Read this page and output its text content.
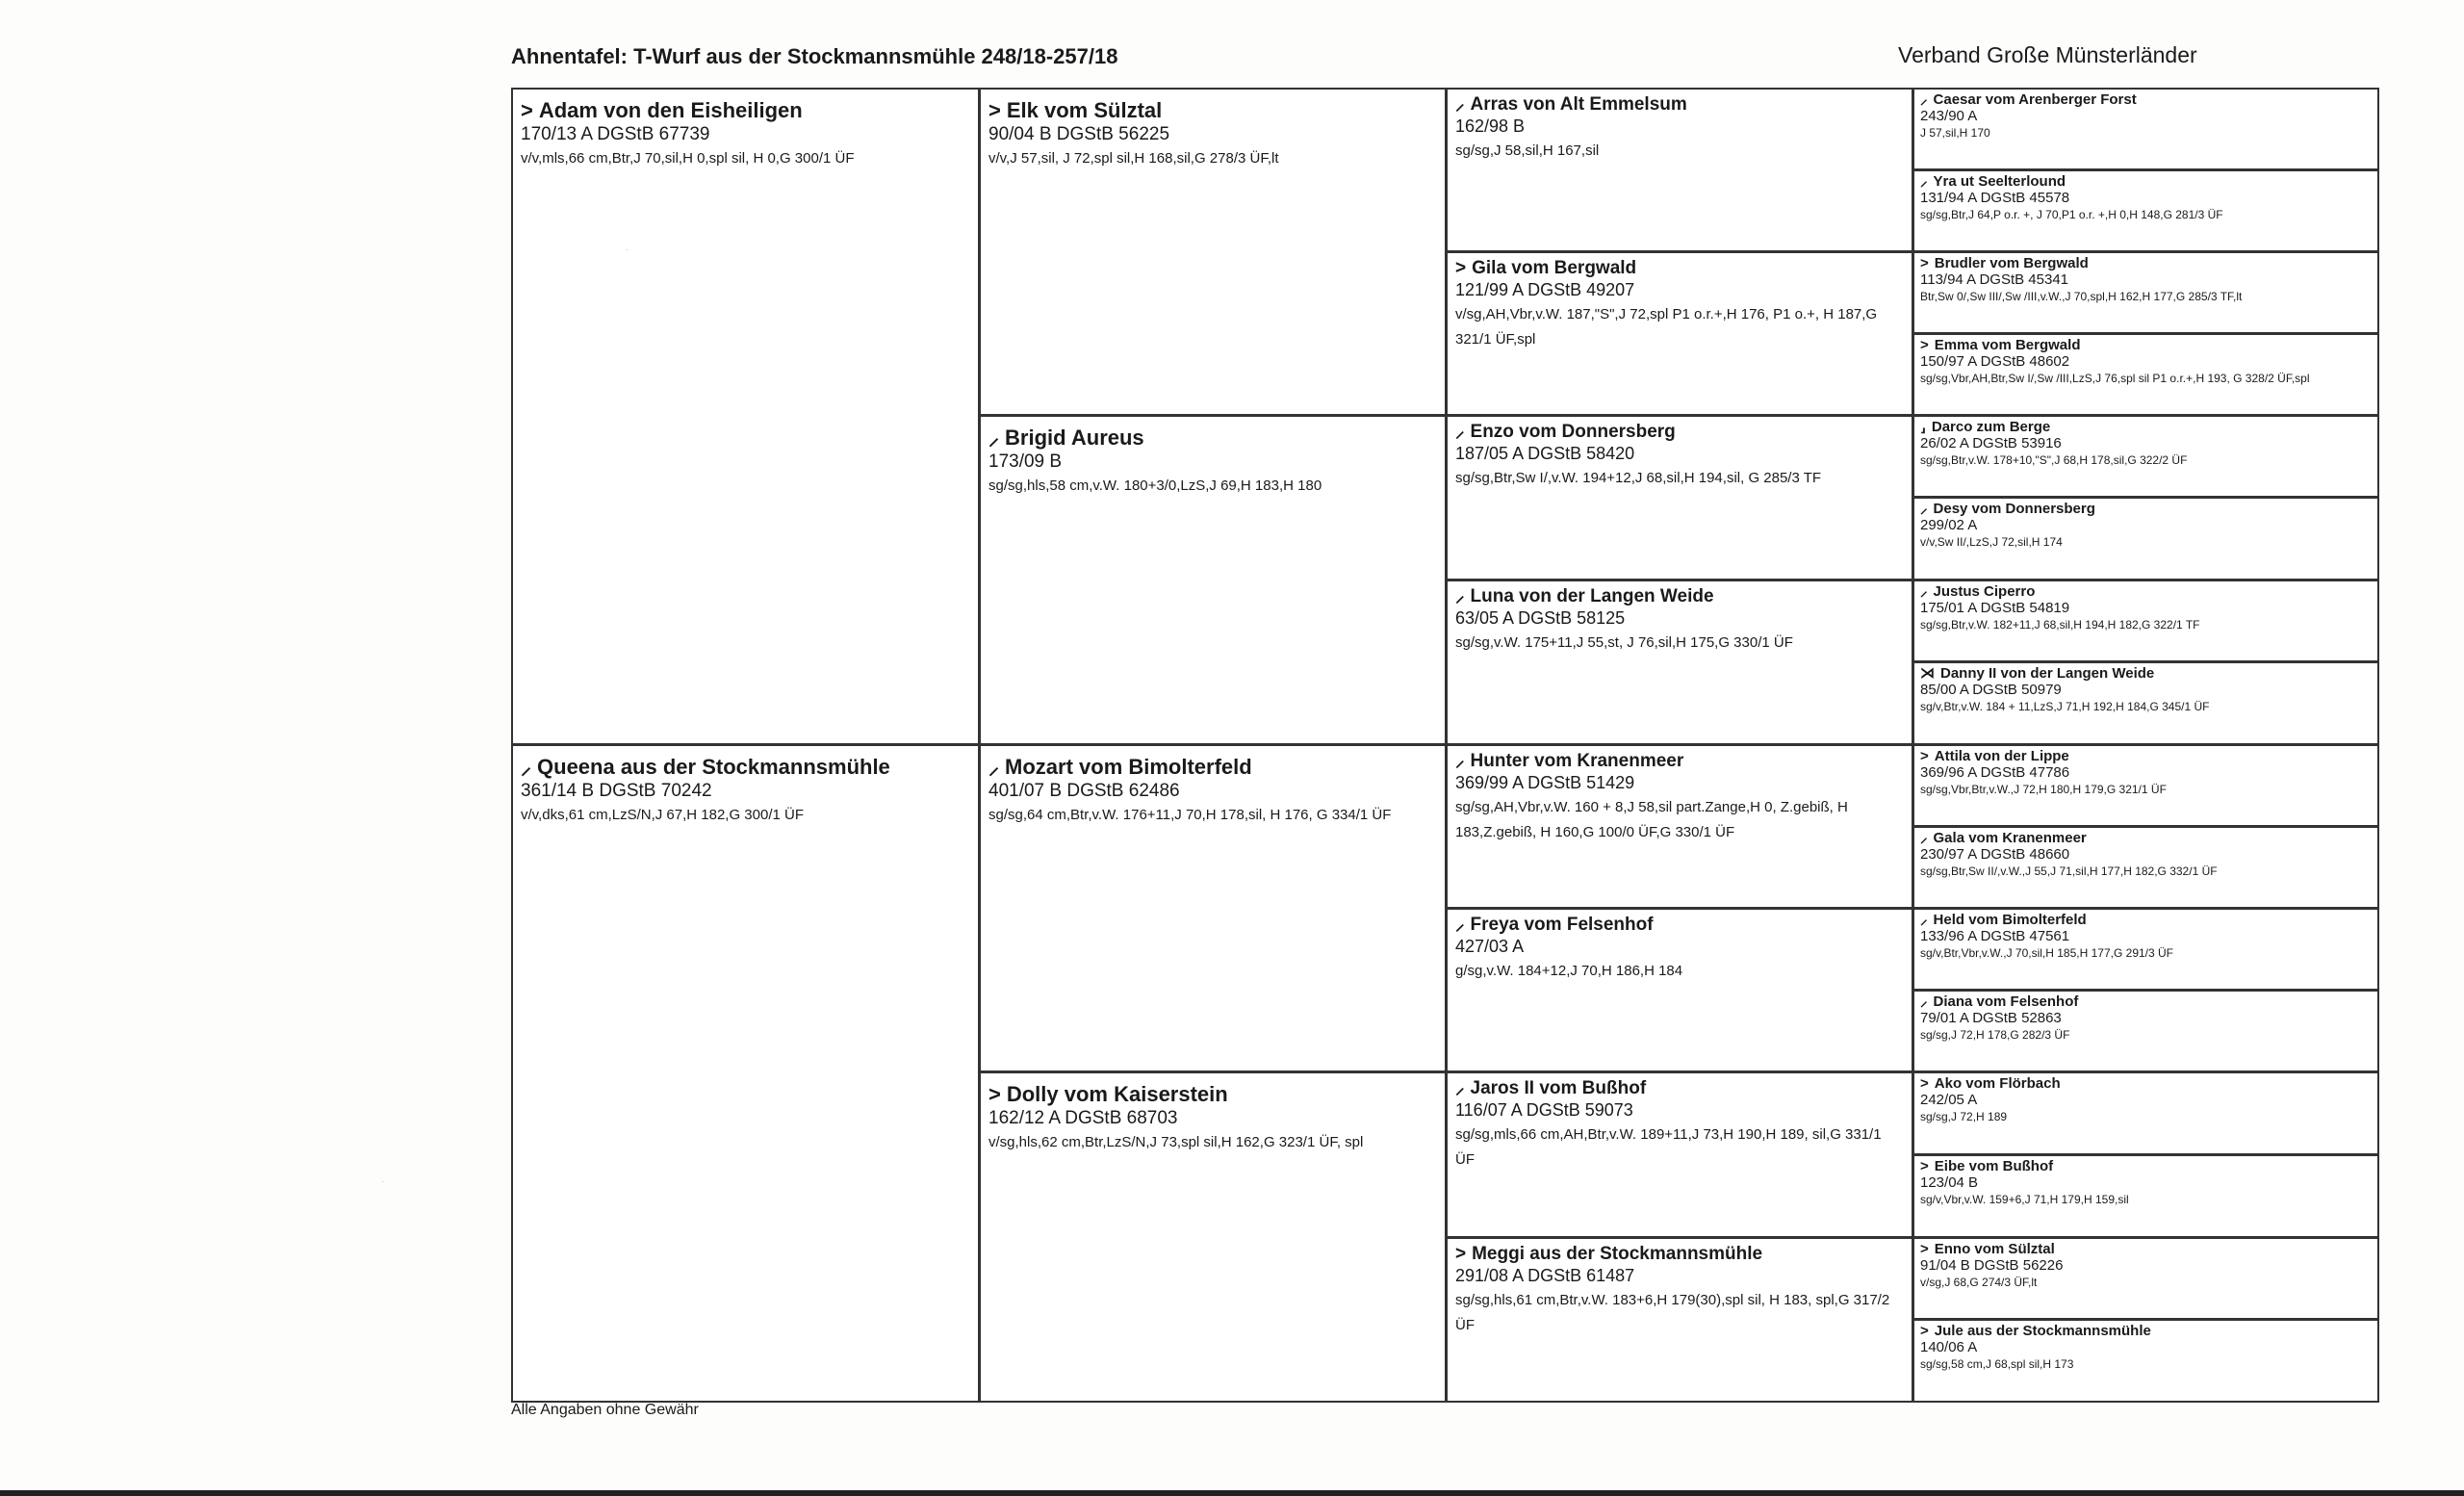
Ahnentafel: T-Wurf aus der Stockmannsmühle 248/18-257/18	Verband Große Münsterländer
> Adam von den Eisheiligen
170/13 A DGStB 67739
v/v,mls,66 cm,Btr,J 70,sil,H 0,spl sil, H 0,G 300/1 ÜF
⸝ Queena aus der Stockmannsmühle
361/14 B DGStB 70242
v/v,dks,61 cm,LzS/N,J 67,H 182,G 300/1 ÜF
> Elk vom Sülztal
90/04 B DGStB 56225
v/v,J 57,sil, J 72,spl sil,H 168,sil,G 278/3 ÜF,lt
⸝ Brigid Aureus
173/09 B
sg/sg,hls,58 cm,v.W. 180+3/0,LzS,J 69,H 183,H 180
⸝ Mozart vom Bimolterfeld
401/07 B DGStB 62486
sg/sg,64 cm,Btr,v.W. 176+11,J 70,H 178,sil, H 176, G 334/1 ÜF
> Dolly vom Kaiserstein
162/12 A DGStB 68703
v/sg,hls,62 cm,Btr,LzS/N,J 73,spl sil,H 162,G 323/1 ÜF, spl
⸝ Arras von Alt Emmelsum
162/98 B
sg/sg,J 58,sil,H 167,sil
> Gila vom Bergwald
121/99 A DGStB 49207
v/sg,AH,Vbr,v.W. 187,"S",J 72,spl P1 o.r.+,H 176, P1 o.+, H 187,G 321/1 ÜF,spl
⸝ Enzo vom Donnersberg
187/05 A DGStB 58420
sg/sg,Btr,Sw I/,v.W. 194+12,J 68,sil,H 194,sil, G 285/3 TF
⸝ Luna von der Langen Weide
63/05 A DGStB 58125
sg/sg,v.W. 175+11,J 55,st, J 76,sil,H 175,G 330/1 ÜF
⸝ Hunter vom Kranenmeer
369/99 A DGStB 51429
sg/sg,AH,Vbr,v.W. 160 + 8,J 58,sil part.Zange,H 0, Z.gebiß, H 183,Z.gebiß, H 160,G 100/0 ÜF,G 330/1 ÜF
⸝ Freya vom Felsenhof
427/03 A
g/sg,v.W. 184+12,J 70,H 186,H 184
⸝ Jaros II vom Bußhof
116/07 A DGStB 59073
sg/sg,mls,66 cm,AH,Btr,v.W. 189+11,J 73,H 190,H 189, sil,G 331/1 ÜF
> Meggi aus der Stockmannsmühle
291/08 A DGStB 61487
sg/sg,hls,61 cm,Btr,v.W. 183+6,H 179(30),spl sil, H 183, spl,G 317/2 ÜF
⸝ Caesar vom Arenberger Forst
243/90 A
J 57,sil,H 170
⸝ Yra ut Seelterlound
131/94 A DGStB 45578
sg/sg,Btr,J 64,P o.r. +, J 70,P1 o.r. +,H 0,H 148,G 281/3 ÜF
> Brudler vom Bergwald
113/94 A DGStB 45341
Btr,Sw 0/,Sw III/,Sw /III,v.W.,J 70,spl,H 162,H 177,G 285/3 TF,lt
> Emma vom Bergwald
150/97 A DGStB 48602
sg/sg,Vbr,AH,Btr,Sw I/,Sw /III,LzS,J 76,spl sil P1 o.r.+,H 193, G 328/2 ÜF,spl
⸥ Darco zum Berge
26/02 A DGStB 53916
sg/sg,Btr,v.W. 178+10,"S",J 68,H 178,sil,G 322/2 ÜF
⸝ Desy vom Donnersberg
299/02 A
v/v,Sw II/,LzS,J 72,sil,H 174
⸝ Justus Ciperro
175/01 A DGStB 54819
sg/sg,Btr,v.W. 182+11,J 68,sil,H 194,H 182,G 322/1 TF
⋊ Danny II von der Langen Weide
85/00 A DGStB 50979
sg/v,Btr,v.W. 184 + 11,LzS,J 71,H 192,H 184,G 345/1 ÜF
> Attila von der Lippe
369/96 A DGStB 47786
sg/sg,Vbr,Btr,v.W.,J 72,H 180,H 179,G 321/1 ÜF
⸝ Gala vom Kranenmeer
230/97 A DGStB 48660
sg/sg,Btr,Sw II/,v.W.,J 55,J 71,sil,H 177,H 182,G 332/1 ÜF
⸝ Held vom Bimolterfeld
133/96 A DGStB 47561
sg/v,Btr,Vbr,v.W.,J 70,sil,H 185,H 177,G 291/3 ÜF
⸝ Diana vom Felsenhof
79/01 A DGStB 52863
sg/sg,J 72,H 178,G 282/3 ÜF
> Ako vom Flörbach
242/05 A
sg/sg,J 72,H 189
> Eibe vom Bußhof
123/04 B
sg/v,Vbr,v.W. 159+6,J 71,H 179,H 159,sil
> Enno vom Sülztal
91/04 B DGStB 56226
v/sg,J 68,G 274/3 ÜF,lt
> Jule aus der Stockmannsmühle
140/06 A
sg/sg,58 cm,J 68,spl sil,H 173
Alle Angaben ohne Gewähr
·
·
